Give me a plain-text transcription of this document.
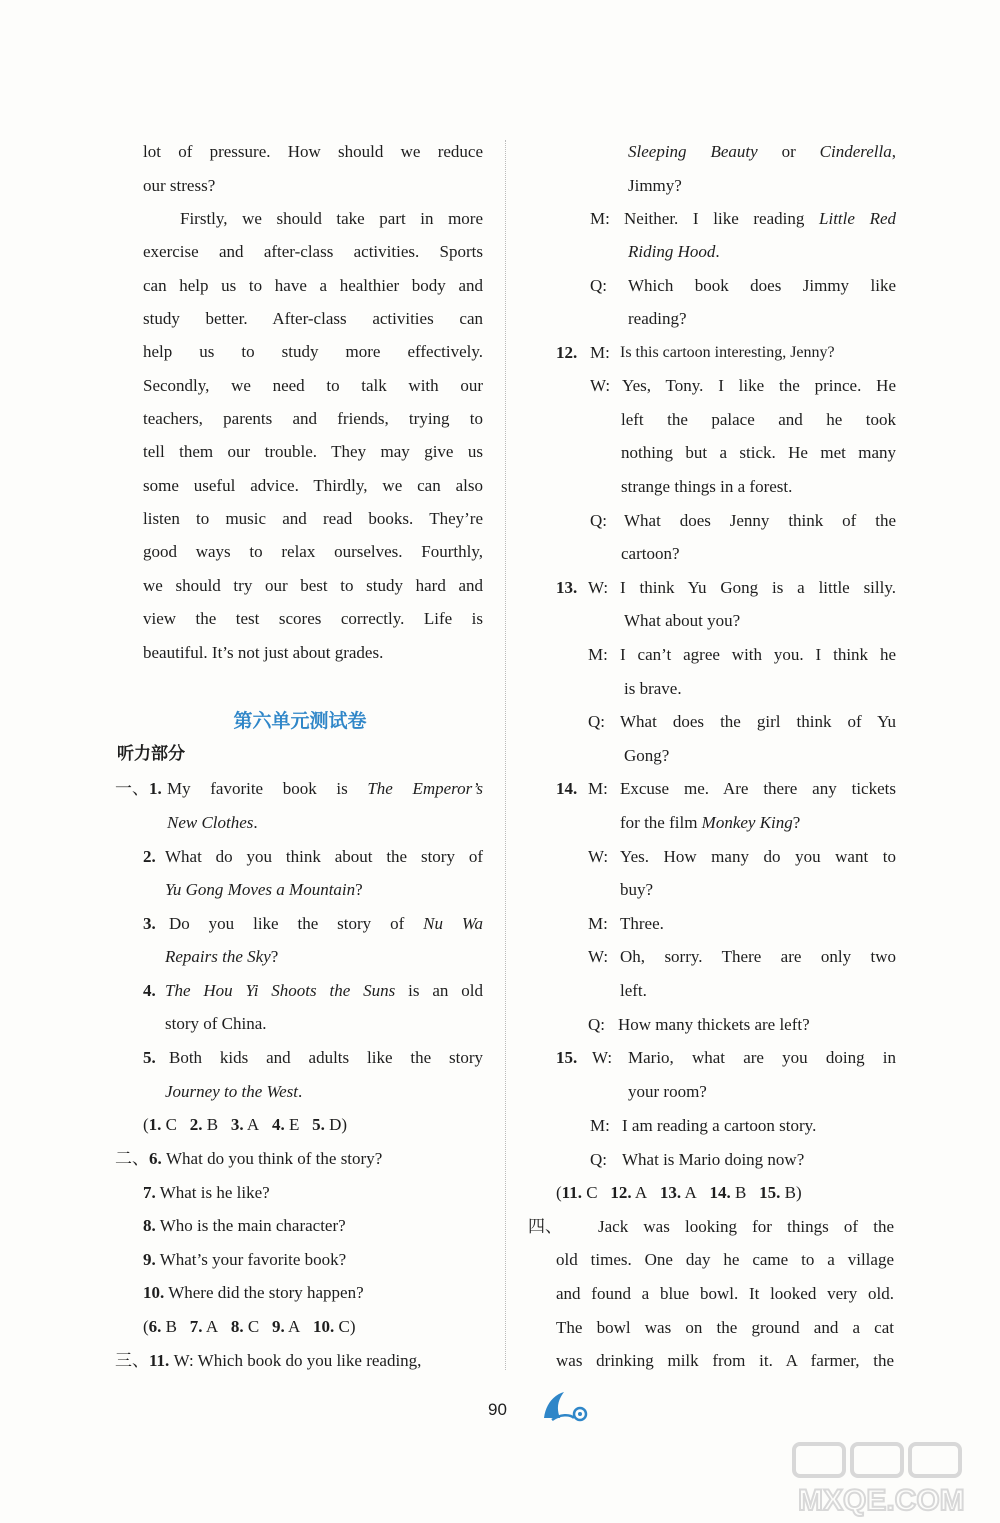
lot of pressure. How should we reduce
our stress?
Firstly, we should take part in more
exercise and after-class activities. Sports
can help us to have a healthier body and
study better. After-class activities can
help us to study more effectively.
Secondly, we need to talk with our
teachers, parents and friends, trying to
tell them our trouble. They may give us
some useful advice. Thirdly, we can also
listen to music and read books. They’re
good ways to relax ourselves. Fourthly,
we should try our best to study hard and
view the test scores correctly. Life is
beautiful. It’s not just about grades.
第六单元测试卷
听力部分
一、1. My favorite book is The Emperor’s
New Clothes.
2. What do you think about the story of
Yu Gong Moves a Mountain?
3. Do you like the story of Nu Wa
Repairs the Sky?
4. The Hou Yi Shoots the Suns is an old
story of China.
5. Both kids and adults like the story
Journey to the West.
(1. C 2. B 3. A 4. E 5. D)
二、6. What do you think of the story?
7. What is he like?
8. Who is the main character?
9. What’s your favorite book?
10. Where did the story happen?
(6. B 7. A 8. C 9. A 10. C)
三、11. W: Which book do you like reading,
Sleeping Beauty or Cinderella,
Jimmy?
M: Neither. I like reading Little Red
Riding Hood.
Q: Which book does Jimmy like
reading?
12. M: Is this cartoon interesting, Jenny?
W: Yes, Tony. I like the prince. He
left the palace and he took
nothing but a stick. He met many
strange things in a forest.
Q: What does Jenny think of the
cartoon?
13. W: I think Yu Gong is a little silly.
What about you?
M: I can’t agree with you. I think he
is brave.
Q: What does the girl think of Yu
Gong?
14. M: Excuse me. Are there any tickets
for the film Monkey King?
W: Yes. How many do you want to
buy?
M: Three.
W: Oh, sorry. There are only two
left.
Q: How many thickets are left?
15. W: Mario, what are you doing in
your room?
M: I am reading a cartoon story.
Q: What is Mario doing now?
(11. C 12. A 13. A 14. B 15. B)
四、 Jack was looking for things of the
old times. One day he came to a village
and found a blue bowl. It looked very old.
The bowl was on the ground and a cat
was drinking milk from it. A farmer, the
90
MXQE.COM
